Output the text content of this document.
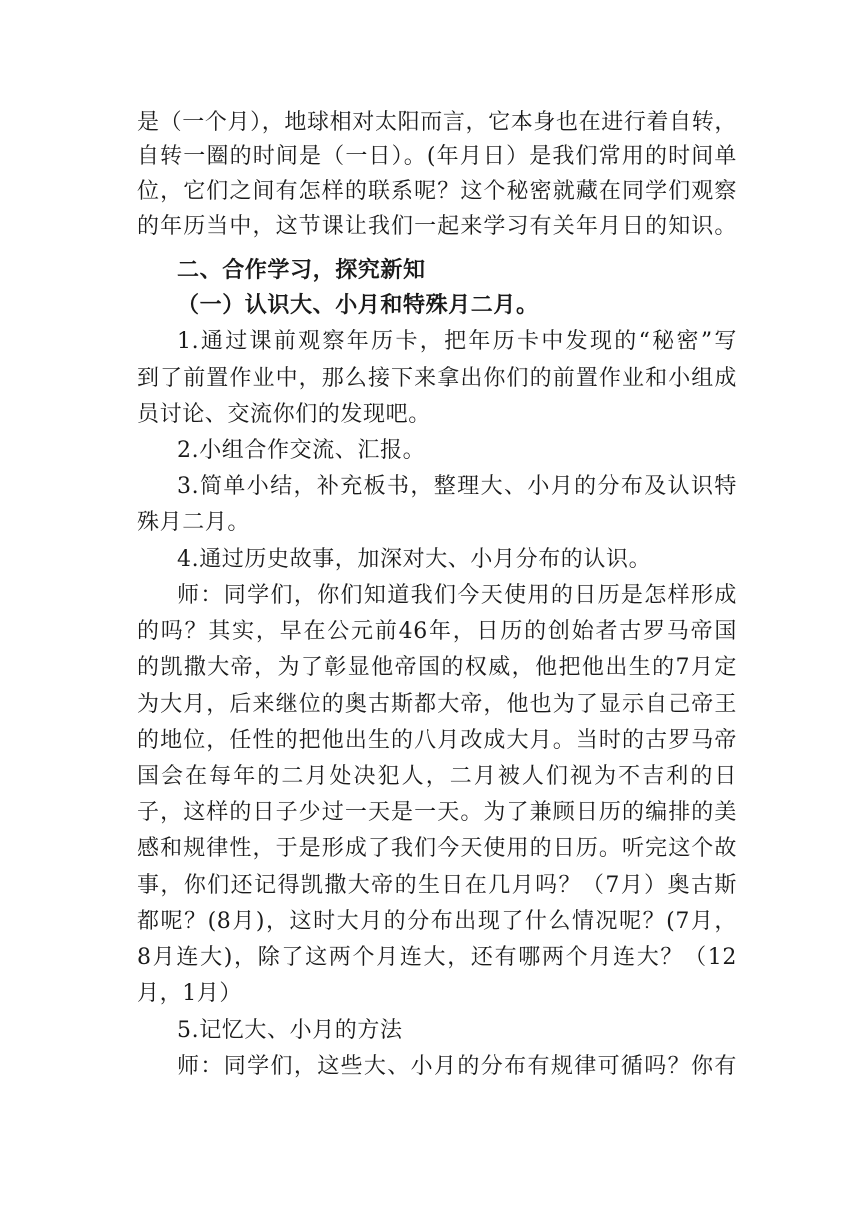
是（一个月），地球相对太阳而言，它本身也在进行着自转，
自转一圈的时间是（一日）。(年月日）是我们常用的时间单
位，它们之间有怎样的联系呢？这个秘密就藏在同学们观察
的年历当中，这节课让我们一起来学习有关年月日的知识。
二、合作学习，探究新知
（一）认识大、小月和特殊月二月。
1.通过课前观察年历卡，把年历卡中发现的“秘密”写
到了前置作业中，那么接下来拿出你们的前置作业和小组成
员讨论、交流你们的发现吧。
2.小组合作交流、汇报。
3.简单小结，补充板书，整理大、小月的分布及认识特
殊月二月。
4.通过历史故事，加深对大、小月分布的认识。
师：同学们，你们知道我们今天使用的日历是怎样形成
的吗？其实，早在公元前46年，日历的创始者古罗马帝国
的凯撒大帝，为了彰显他帝国的权威，他把他出生的7月定
为大月，后来继位的奥古斯都大帝，他也为了显示自己帝王
的地位，任性的把他出生的八月改成大月。当时的古罗马帝
国会在每年的二月处决犯人，二月被人们视为不吉利的日
子，这样的日子少过一天是一天。为了兼顾日历的编排的美
感和规律性，于是形成了我们今天使用的日历。听完这个故
事，你们还记得凯撒大帝的生日在几月吗？（7月）奥古斯
都呢？(8月)，这时大月的分布出现了什么情况呢？(7月，
8月连大)，除了这两个月连大，还有哪两个月连大？（12
月，1月）
5.记忆大、小月的方法
师：同学们，这些大、小月的分布有规律可循吗？你有
